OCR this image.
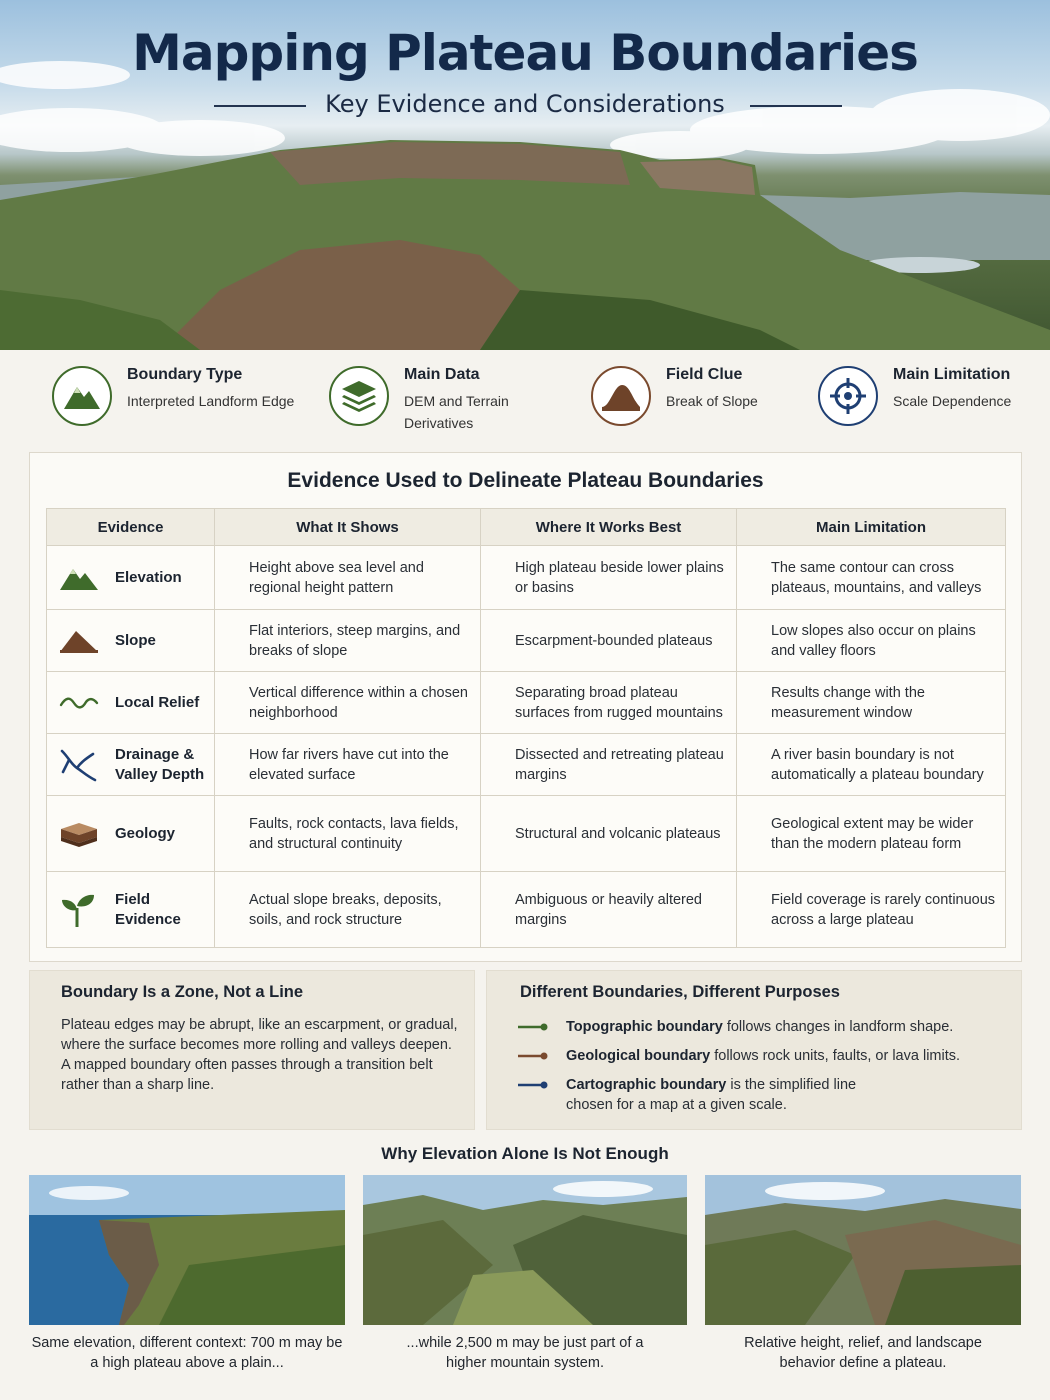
Mapping Plateau Boundaries
Key Evidence and Considerations
Boundary Type
Interpreted Landform Edge
Main Data
DEM and Terrain Derivatives
Field Clue
Break of Slope
Main Limitation
Scale Dependence
Evidence Used to Delineate Plateau Boundaries
Evidence	What It Shows	Where It Works Best	Main Limitation

Elevation	Height above sea level and regional height pattern	High plateau beside lower plains or basins	The same contour can cross plateaus, mountains, and valleys

Slope	Flat interiors, steep margins, and breaks of slope	Escarpment-bounded plateaus	Low slopes also occur on plains and valley floors

Local Relief	Vertical difference within a chosen neighborhood	Separating broad plateau surfaces from rugged mountains	Results change with the measurement window

Drainage & Valley Depth	How far rivers have cut into the elevated surface	Dissected and retreating plateau margins	A river basin boundary is not automatically a plateau boundary

Geology	Faults, rock contacts, lava fields, and structural continuity	Structural and volcanic plateaus	Geological extent may be wider than the modern plateau form

Field Evidence	Actual slope breaks, deposits, soils, and rock structure	Ambiguous or heavily altered margins	Field coverage is rarely continuous across a large plateau
Boundary Is a Zone, Not a Line
Plateau edges may be abrupt, like an escarpment, or gradual, where the surface becomes more rolling and valleys deepen. A mapped boundary often passes through a transition belt rather than a sharp line.
Different Boundaries, Different Purposes
Topographic boundary follows changes in landform shape.
Geological boundary follows rock units, faults, or lava limits.
Cartographic boundary is the simplified line chosen for a map at a given scale.
Why Elevation Alone Is Not Enough
Same elevation, different context: 700 m may be a high plateau above a plain...
...while 2,500 m may be just part of a higher mountain system.
Relative height, relief, and landscape behavior define a plateau.
